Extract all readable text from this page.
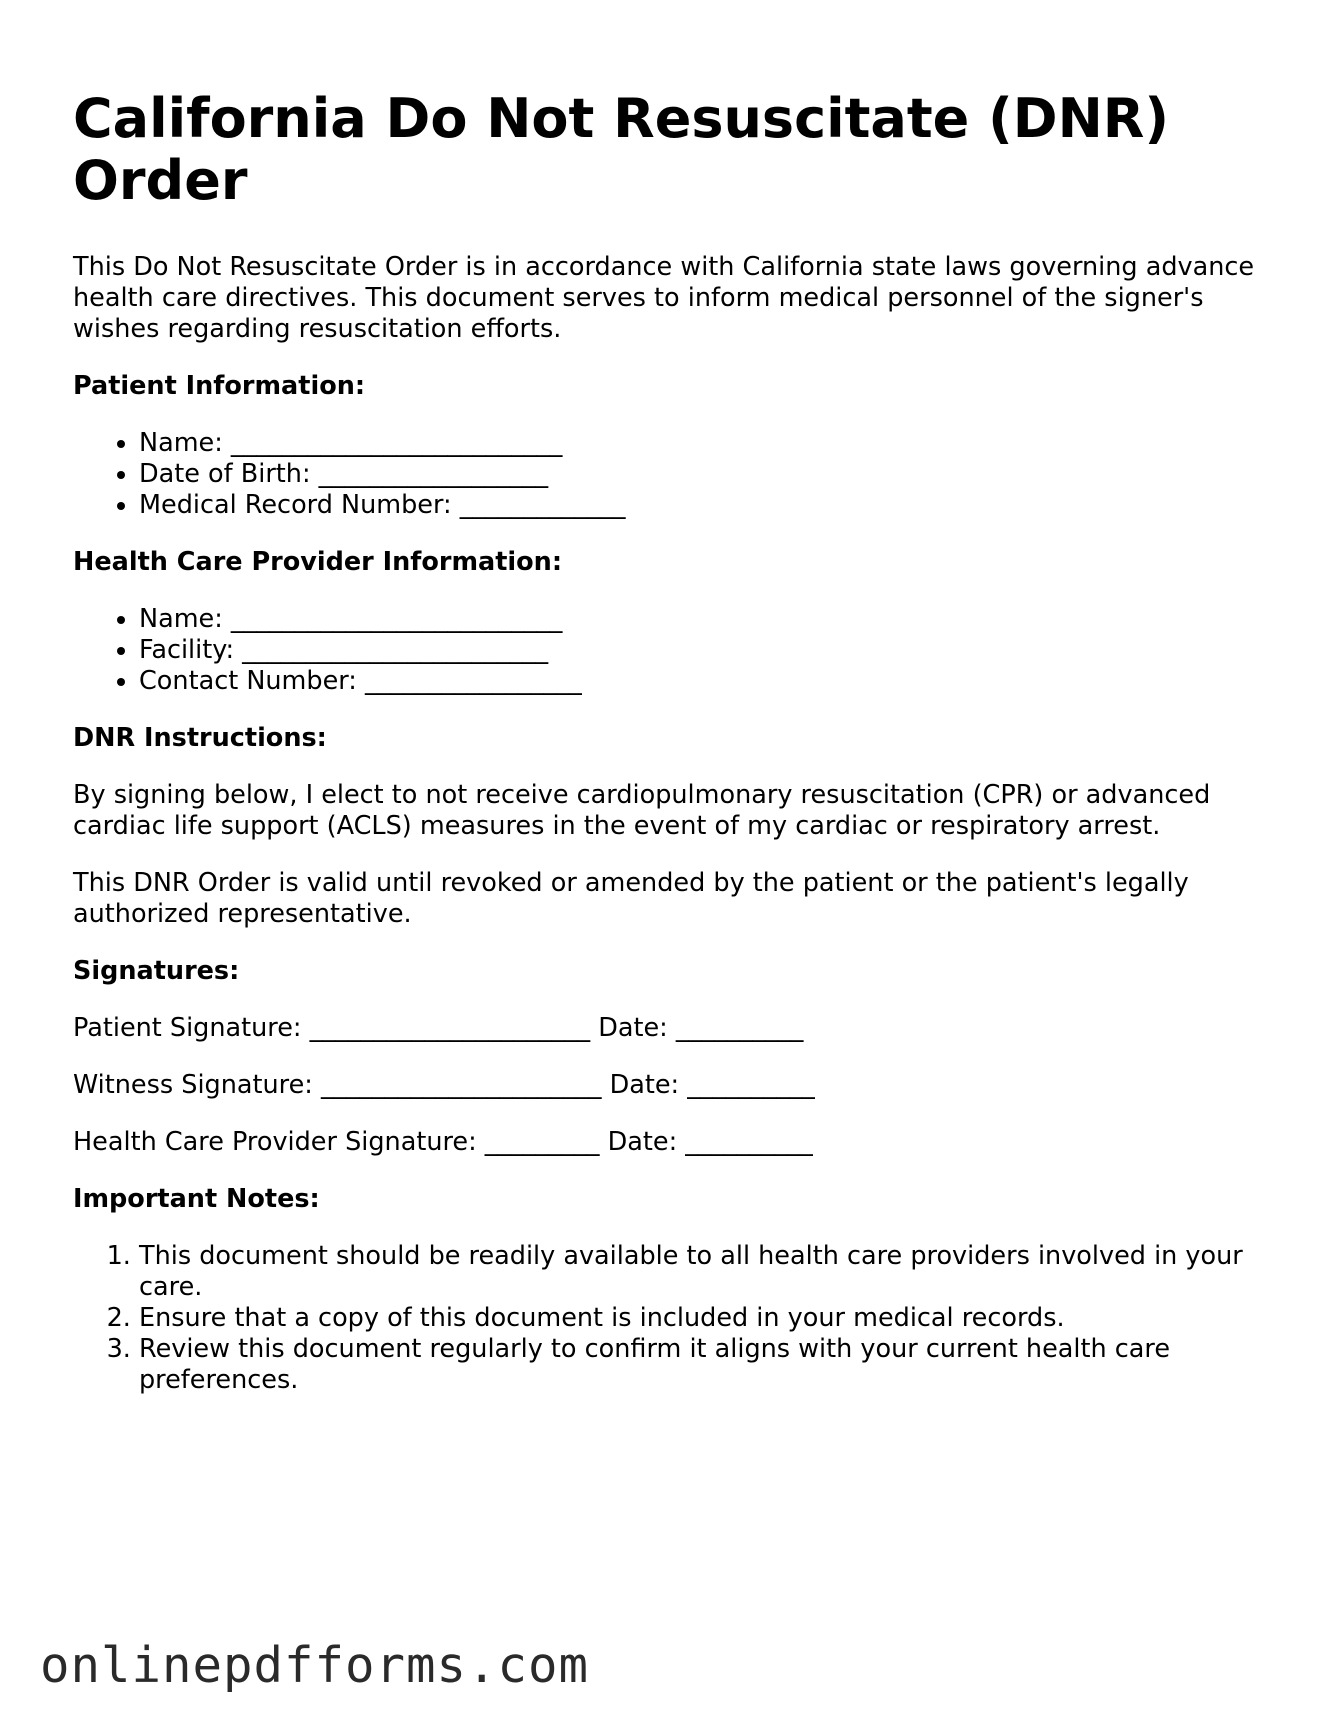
California Do Not Resuscitate (DNR) Order

This Do Not Resuscitate Order is in accordance with California state laws governing advance health care directives. This document serves to inform medical personnel of the signer's wishes regarding resuscitation efforts.

Patient Information:
• Name: __________________________
• Date of Birth: __________________
• Medical Record Number: _____________
Health Care Provider Information:
• Name: __________________________
• Facility: ________________________
• Contact Number: _________________
DNR Instructions:

By signing below, I elect to not receive cardiopulmonary resuscitation (CPR) or advanced cardiac life support (ACLS) measures in the event of my cardiac or respiratory arrest.

This DNR Order is valid until revoked or amended by the patient or the patient's legally authorized representative.

Signatures:
Patient Signature: ______________________ Date: __________
Witness Signature: ______________________ Date: __________
Health Care Provider Signature: _________ Date: __________
Important Notes:
1. This document should be readily available to all health care providers involved in your care.
2. Ensure that a copy of this document is included in your medical records.
3. Review this document regularly to confirm it aligns with your current health care preferences.
onlinepdfforms.com
